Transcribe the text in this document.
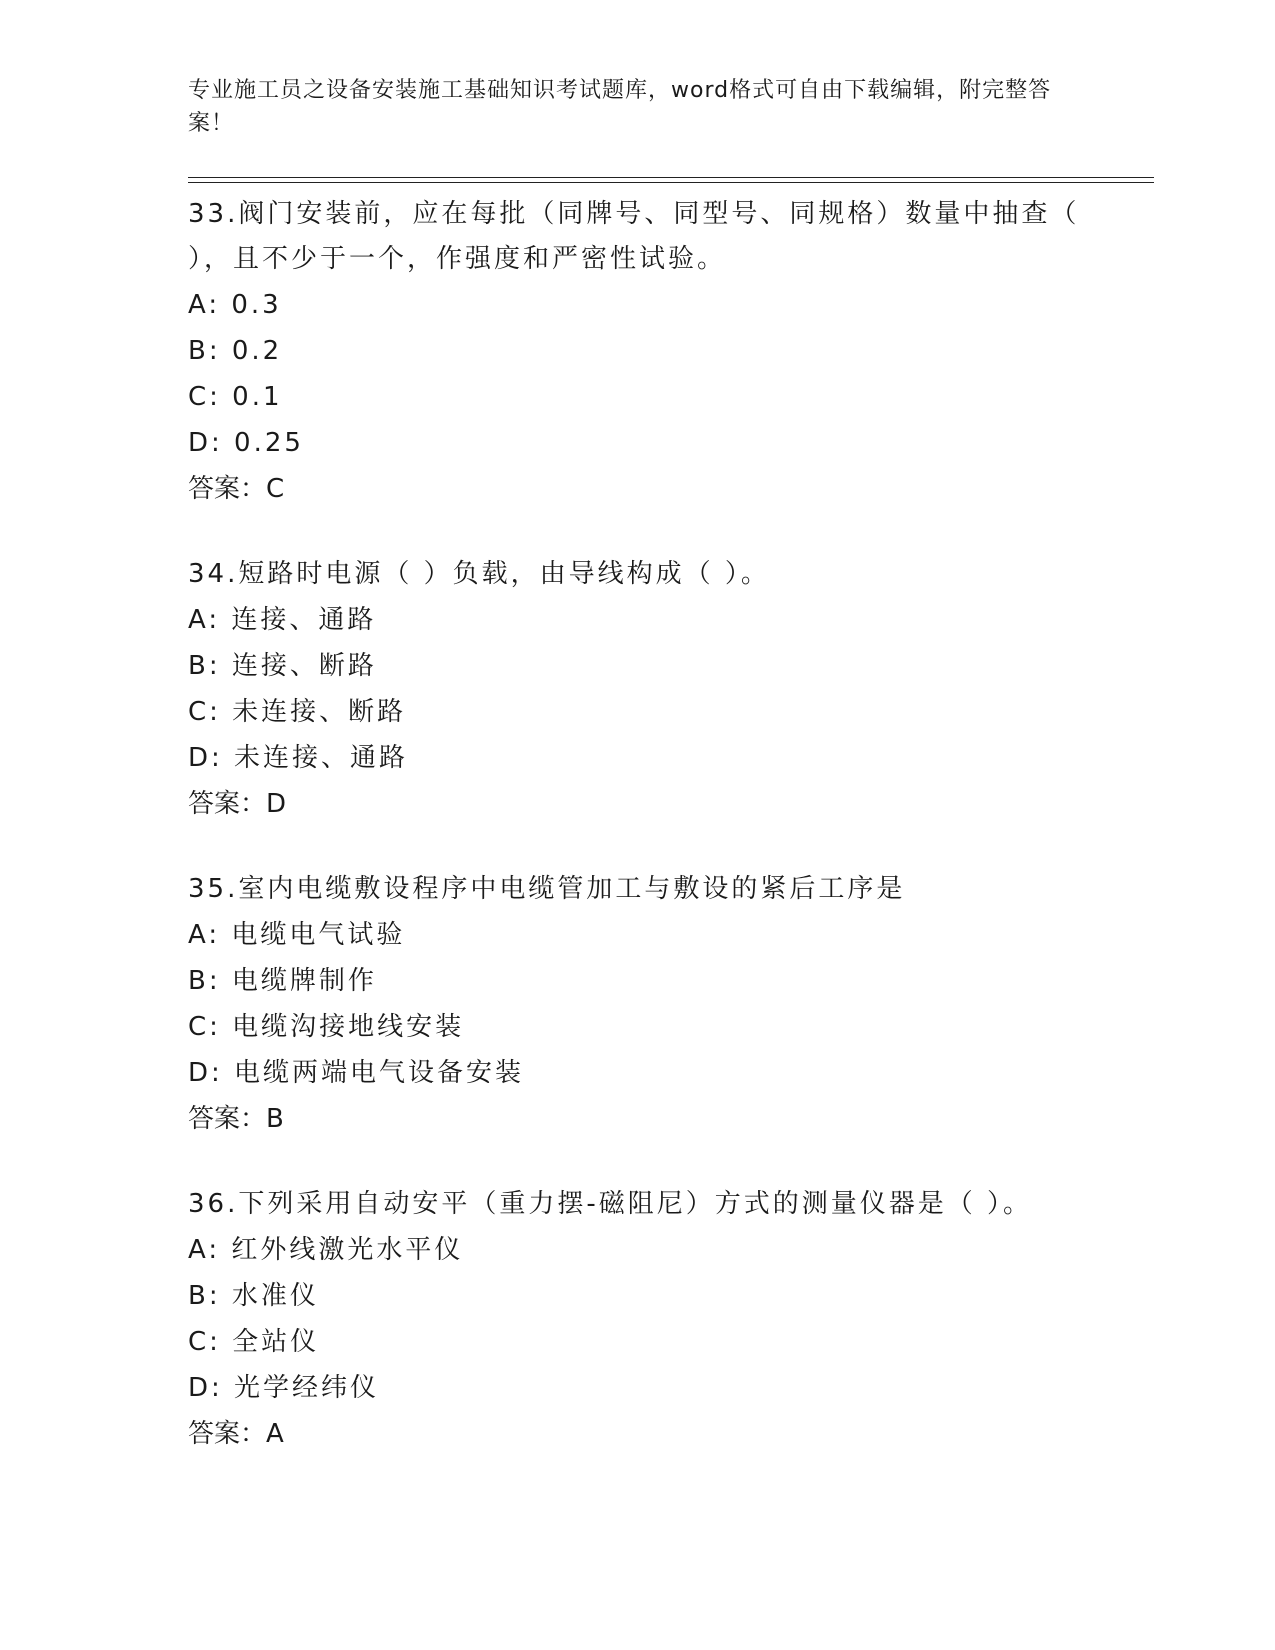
专业施工员之设备安装施工基础知识考试题库，word格式可自由下载编辑，附完整答案！
33.阀门安装前，应在每批（同牌号、同型号、同规格）数量中抽查（ ），且不少于一个，作强度和严密性试验。
A: 0.3
B: 0.2
C: 0.1
D: 0.25
答案：C
34.短路时电源（ ）负载，由导线构成（ ）。
A: 连接、通路
B: 连接、断路
C: 未连接、断路
D: 未连接、通路
答案：D
35.室内电缆敷设程序中电缆管加工与敷设的紧后工序是
A: 电缆电气试验
B: 电缆牌制作
C: 电缆沟接地线安装
D: 电缆两端电气设备安装
答案：B
36.下列采用自动安平（重力摆-磁阻尼）方式的测量仪器是（ ）。
A: 红外线激光水平仪
B: 水准仪
C: 全站仪
D: 光学经纬仪
答案：A
